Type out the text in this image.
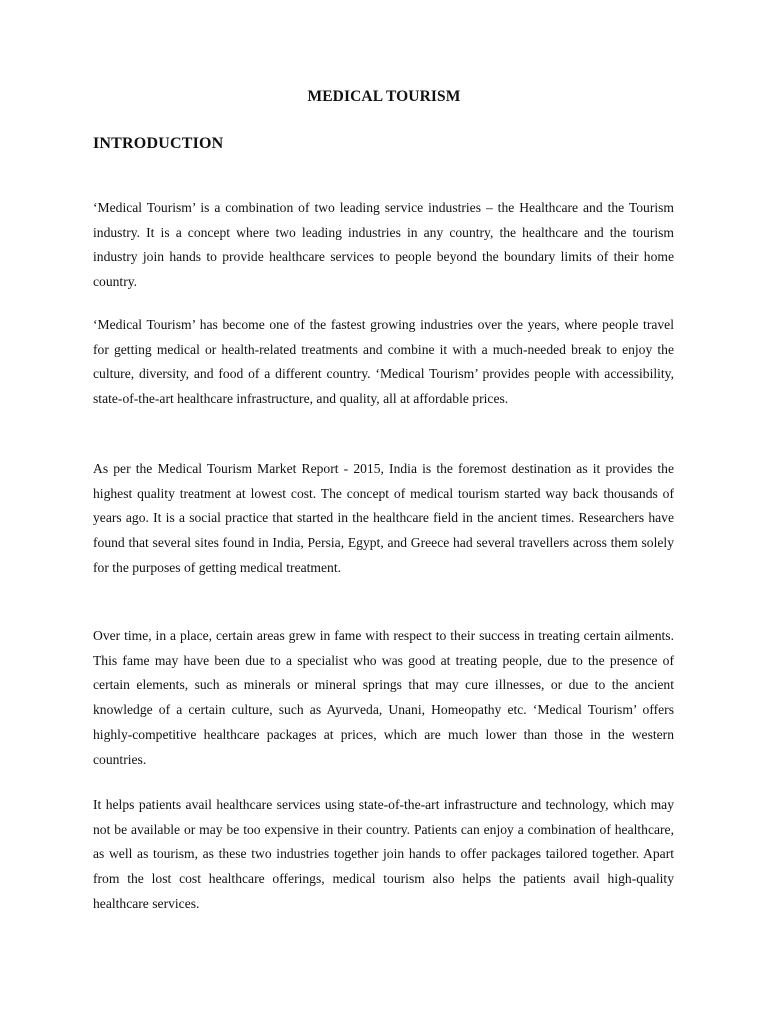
MEDICAL TOURISM
INTRODUCTION

‘Medical Tourism’ is a combination of two leading service industries – the Healthcare and the Tourism industry. It is a concept where two leading industries in any country, the healthcare and the tourism industry join hands to provide healthcare services to people beyond the boundary limits of their home country.

‘Medical Tourism’ has become one of the fastest growing industries over the years, where people travel for getting medical or health-related treatments and combine it with a much-needed break to enjoy the culture, diversity, and food of a different country. ‘Medical Tourism’ provides people with accessibility, state-of-the-art healthcare infrastructure, and quality, all at affordable prices.

As per the Medical Tourism Market Report - 2015, India is the foremost destination as it provides the highest quality treatment at lowest cost. The concept of medical tourism started way back thousands of years ago. It is a social practice that started in the healthcare field in the ancient times. Researchers have found that several sites found in India, Persia, Egypt, and Greece had several travellers across them solely for the purposes of getting medical treatment.

Over time, in a place, certain areas grew in fame with respect to their success in treating certain ailments. This fame may have been due to a specialist who was good at treating people, due to the presence of certain elements, such as minerals or mineral springs that may cure illnesses, or due to the ancient knowledge of a certain culture, such as Ayurveda, Unani, Homeopathy etc. ‘Medical Tourism’ offers highly-competitive healthcare packages at prices, which are much lower than those in the western countries.

It helps patients avail healthcare services using state-of-the-art infrastructure and technology, which may not be available or may be too expensive in their country. Patients can enjoy a combination of healthcare, as well as tourism, as these two industries together join hands to offer packages tailored together. Apart from the lost cost healthcare offerings, medical tourism also helps the patients avail high-quality healthcare services.
